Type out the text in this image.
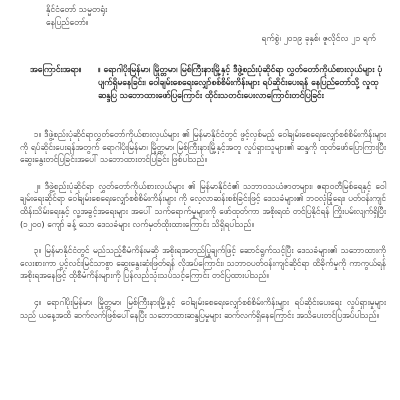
နိုင်ငံတော် သမ္မတရုံး
နေပြည်တော်။
ရက်စွဲ၊ ၂၀၁၉ ခုနှစ်၊ ဇူလိုင်လ ၂၁ ရက်
အကြောင်းအရာ။ ။ ရောဂါပိုးမြန်မာ၊ မြိုတ္တမာ၊ မြစ်ကြီးနားမြို့နှင့် ဒီဖွဲ့စည်းပုံဆိုင်ရာ လွှတ်တော်ကိုယ်စားလှယ်များ ပုံပျက်ရှိမနေခြင်း၊ ဝေါချမ်းစေရေးလျှော်စစ်စိမ်းကိန်းများ ရပ်ဆိုင်းပေးရန် နေပြည်တော်သို့ လှုထုဆန္ဒပြ သဘောထားဖော်ပြကြောင်း ထိုင်းသတင်းပေးလာကြောင်းတင်ပြခြင်း

၁။ ဒီဖွဲ့စည်းပုံဆိုင်ရာလွှတ်တော်ကိုယ်စားလှယ်များ ၏ မြန်မာနိုင်ငံတွင် ဖွင့်လှစ်မည့် ဝေါချမ်းစေရေးလျှော်စစ်စိမ်းကိန်းများ ကို ရပ်ဆိုင်းပေးရန်အတွက် ရောဂါပိုးမြန်မာ၊ မြိုတ္တမာ၊ မြစ်ကြီးနားမြို့နှင့်အတူ လှုပ်ရှားသူများ၏ ဆန္ဒကို ထုတ်ဖော်ပြောကြားပြီး ဆွေးနွေးတင်ပြခြင်းအပေါ် သဘောထားတင်ပြခြင်း ဖြစ်ပါသည်။

၂။ ဒီဖွဲ့စည်းပုံဆိုင်ရာ လွှတ်တော်ကိုယ်စားလှယ်များ ၏ မြန်မာနိုင်ငံ၏ သဘာဝသယံဇာတများ၊ ဧရာဝတီမြစ်ရေနှင့် ဝေါချမ်းရေးဆိုင်ရာ ဝေါချမ်းစေရေးလျှော်စစ်စိမ်းကိန်းများ ကို လေ့လာဆန်းစစ်ခြင်းဖြင့် ဒေသခံများ၏ ဘဝလုံခြုံရေး၊ ပတ်ဝန်းကျင်ထိန်းသိမ်းရေးနှင့် လူ့အခွင့်အရေးများ အပေါ် သက်ရောက်မှုများကို ဖော်ထုတ်ကာ အစိုးရထံ တင်ပြနိုင်ရန် ကြိုးပမ်းလျက်ရှိပြီး (၁၂၀၀) ကျော် ခန့် သော ဒေသခံများ လက်မှတ်ထိုးထားကြောင်း သိရှိရပါသည်။

၃။ မြန်မာနိုင်ငံတွင် မည်သည့်စီမံကိန်းမဆို အစိုးရအတည်ပြုချက်ဖြင့် ဆောင်ရွက်သင့်ပြီး ဒေသခံများ၏ သဘောထားကို လေးစားကာ ပွင့်လင်းမြင်သာစွာ ဆွေးနွေးဆုံးဖြတ်ရန် လိုအပ်ကြောင်း၊ သဘာဝပတ်ဝန်းကျင်ဆိုင်ရာ ထိခိုက်မှုကို ကာကွယ်ရန် အစိုးရအနေဖြင့် ထိုစီမံကိန်းများကို ပြန်လည်သုံးသပ်သင့်ကြောင်း တင်ပြထားပါသည်။

၄။ ရောဂါပိုးမြန်မာ၊ မြိုတ္တမာ၊ မြစ်ကြီးနားမြို့နှင့် ဝေါချမ်းစေရေးလျှော်စစ်စိမ်းကိန်းများ ရပ်ဆိုင်းပေးရေး လှုပ်ရှားမှုများ သည် ယနေ့အထိ ဆက်လက်ဖြစ်ပေါ်နေပြီး သဘောထားဆန္ဒပြမှုများ ဆက်လက်ရှိနေကြောင်း အသိပေးတင်ပြအပ်ပါသည်။
